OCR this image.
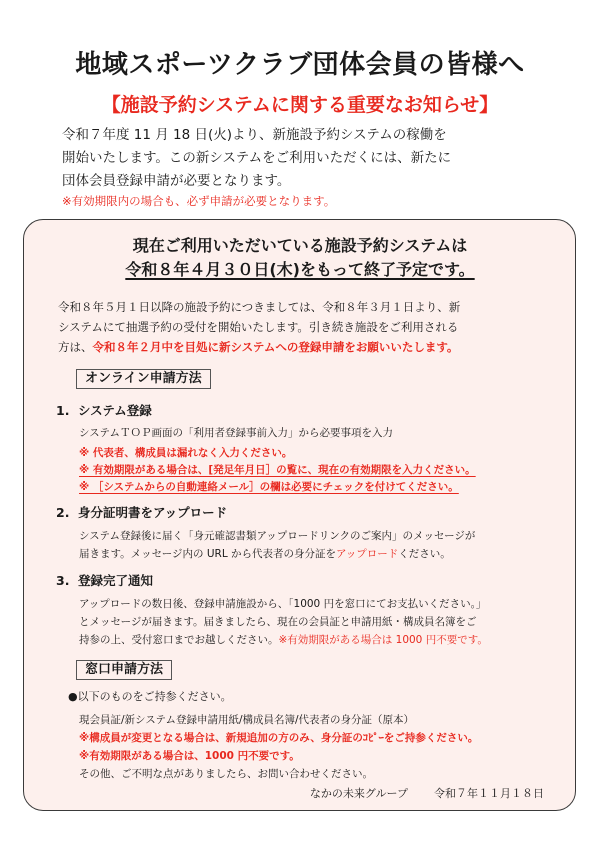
地域スポーツクラブ団体会員の皆様へ
【施設予約システムに関する重要なお知らせ】
令和７年度 11 月 18 日(火)より、新施設予約システムの稼働を
開始いたします。この新システムをご利用いただくには、新たに
団体会員登録申請が必要となります。
※有効期限内の場合も、必ず申請が必要となります。
現在ご利用いただいている施設予約システムは
令和８年４月３０日(木)をもって終了予定です。
令和８年５月１日以降の施設予約につきましては、令和８年３月１日より、新
システムにて抽選予約の受付を開始いたします。引き続き施設をご利用される
方は、令和８年２月中を目処に新システムへの登録申請をお願いいたします。
オンライン申請方法
1. システム登録
システムＴＯＰ画面の「利用者登録事前入力」から必要事項を入力
※ 代表者、構成員は漏れなく入力ください。
※ 有効期限がある場合は、[発足年月日］の覧に、現在の有効期限を入力ください。
※ ［システムからの自動連絡メール］の欄は必要にチェックを付けてください。
2. 身分証明書をアップロード
システム登録後に届く「身元確認書類アップロードリンクのご案内」のメッセージが
届きます。メッセージ内の URL から代表者の身分証をアップロードください。
3. 登録完了通知
アップロードの数日後、登録申請施設から、「1000 円を窓口にてお支払いください。」
とメッセージが届きます。届きましたら、現在の会員証と申請用紙・構成員名簿をご
持参の上、受付窓口までお越しください。※有効期限がある場合は 1000 円不要です。
窓口申請方法
●以下のものをご持参ください。
現会員証/新システム登録申請用紙/構成員名簿/代表者の身分証（原本）
※構成員が変更となる場合は、新規追加の方のみ、身分証のｺﾋﾟｰをご持参ください。
※有効期限がある場合は、1000 円不要です。
その他、ご不明な点がありましたら、お問い合わせください。
なかの未来グループ 令和７年１１月１８日
